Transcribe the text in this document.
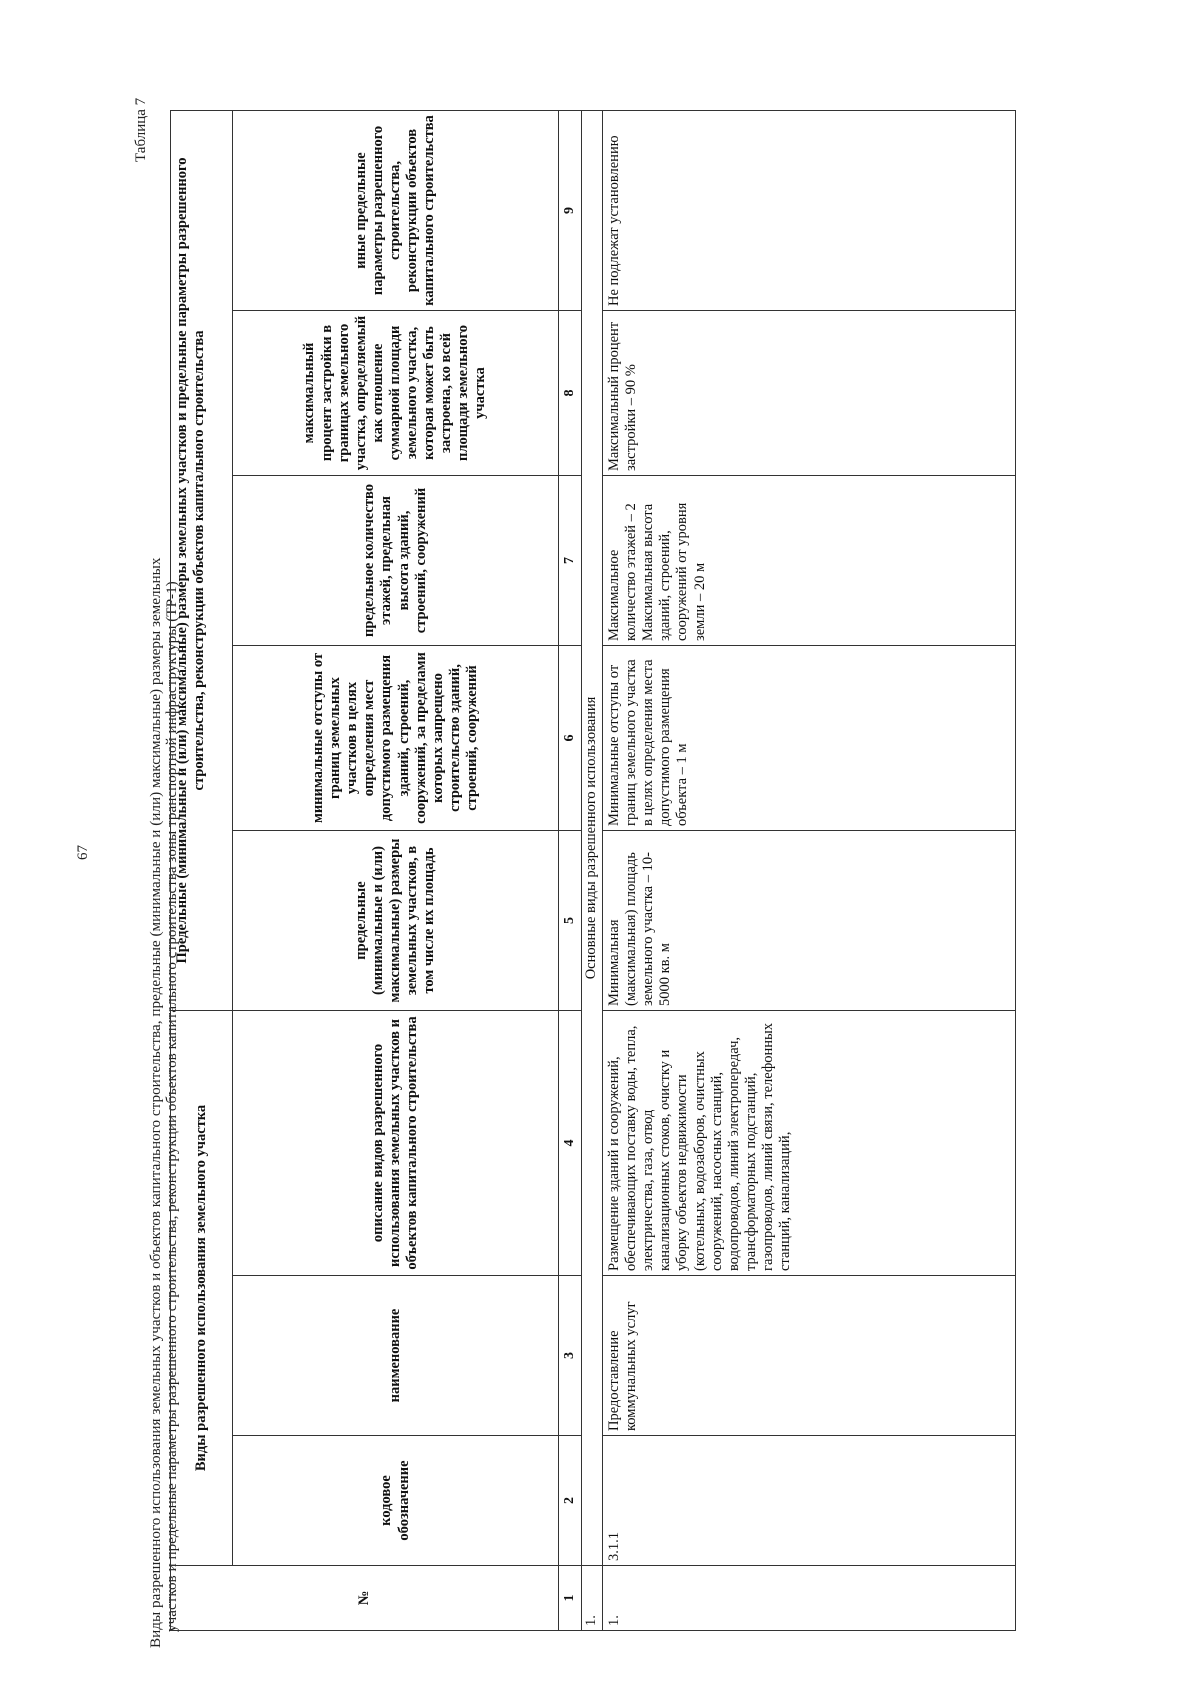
67
Таблица 7
Виды разрешенного использования земельных участков и объектов капитального строительства, предельные (минимальные и (или) максимальные) размеры земельных участков и предельные параметры разрешенного строительства, реконструкции объектов капитального строительства зоны транспортной инфраструктуры (ТР-1)	№	Виды разрешенного использования земельного участка			Предельные (минимальные и (или) максимальные) размеры земельных участков и предельные параметры разрешенного строительства, реконструкции объектов капитального строительства				
	кодовое обозначение	наименование	описание видов разрешенного использования земельных участков и объектов капитального строительства	предельные (минимальные и (или) максимальные) размеры земельных участков, в том числе их площадь	минимальные отступы от границ земельных участков в целях определения мест допустимого размещения зданий, строений, сооружений, за пределами которых запрещено строительство зданий, строений, сооружений	предельное количество этажей, предельная высота зданий, строений, сооружений	максимальный процент застройки в границах земельного участка, определяемый как отношение суммарной площади земельного участка, которая может быть застроена, ко всей площади земельного участка	иные предельные параметры разрешенного строительства, реконструкции объектов капитального строительства
1	2	3	4	5	6	7	8	9
1.	Основные виды разрешенного использования							
1.	3.1.1	Предоставление коммунальных услуг	Размещение зданий и сооружений, обеспечивающих поставку воды, тепла, электричества, газа, отвод канализационных стоков, очистку и уборку объектов недвижимости (котельных, водозаборов, очистных сооружений, насосных станций, водопроводов, линий электропередач, трансформаторных подстанций, газопроводов, линий связи, телефонных станций, канализаций,	Минимальная (максимальная) площадь земельного участка – 10-5000 кв. м	Минимальные отступы от границ земельного участка в целях определения места допустимого размещения объекта – 1 м	Максимальное количество этажей – 2 Максимальная высота зданий, строений, сооружений от уровня земли – 20 м	Максимальный процент застройки – 90 %	Не подлежат установлению
